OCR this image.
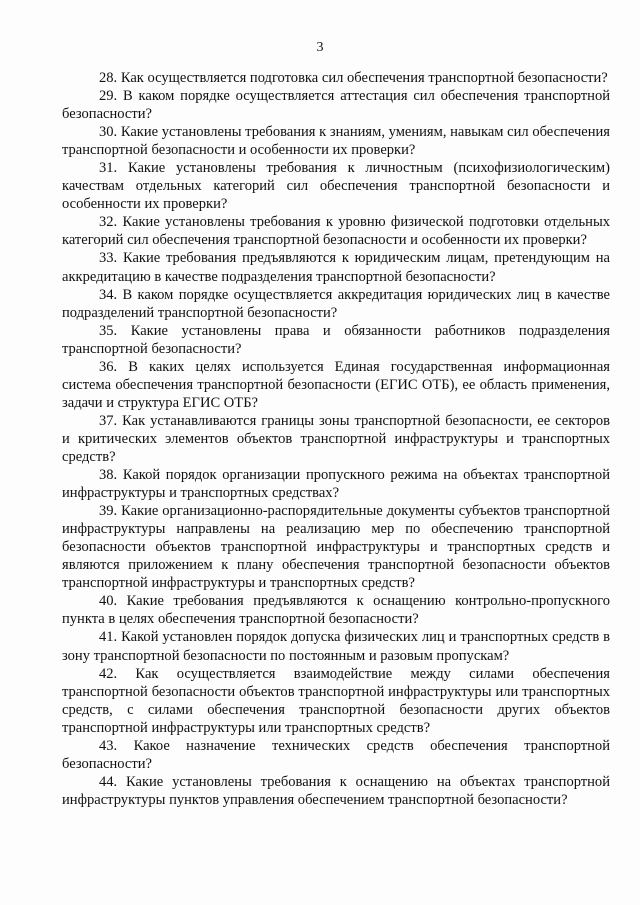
3

28. Как осуществляется подготовка сил обеспечения транспортной безопасности?

29. В каком порядке осуществляется аттестация сил обеспечения транспортной безопасности?

30. Какие установлены требования к знаниям, умениям, навыкам сил обеспечения транспортной безопасности и особенности их проверки?

31. Какие установлены требования к личностным (психофизиологическим) качествам отдельных категорий сил обеспечения транспортной безопасности и особенности их проверки?

32. Какие установлены требования к уровню физической подготовки отдельных категорий сил обеспечения транспортной безопасности и особенности их проверки?

33. Какие требования предъявляются к юридическим лицам, претендующим на аккредитацию в качестве подразделения транспортной безопасности?

34. В каком порядке осуществляется аккредитация юридических лиц в качестве подразделений транспортной безопасности?

35. Какие установлены права и обязанности работников подразделения транспортной безопасности?

36. В каких целях используется Единая государственная информационная система обеспечения транспортной безопасности (ЕГИС ОТБ), ее область применения, задачи и структура ЕГИС ОТБ?

37. Как устанавливаются границы зоны транспортной безопасности, ее секторов и критических элементов объектов транспортной инфраструктуры и транспортных средств?

38. Какой порядок организации пропускного режима на объектах транспортной инфраструктуры и транспортных средствах?

39. Какие организационно-распорядительные документы субъектов транспортной инфраструктуры направлены на реализацию мер по обеспечению транспортной безопасности объектов транспортной инфраструктуры и транспортных средств и являются приложением к плану обеспечения транспортной безопасности объектов транспортной инфраструктуры и транспортных средств?

40. Какие требования предъявляются к оснащению контрольно-пропускного пункта в целях обеспечения транспортной безопасности?

41. Какой установлен порядок допуска физических лиц и транспортных средств в зону транспортной безопасности по постоянным и разовым пропускам?

42. Как осуществляется взаимодействие между силами обеспечения транспортной безопасности объектов транспортной инфраструктуры или транспортных средств, с силами обеспечения транспортной безопасности других объектов транспортной инфраструктуры или транспортных средств?

43. Какое назначение технических средств обеспечения транспортной безопасности?

44. Какие установлены требования к оснащению на объектах транспортной инфраструктуры пунктов управления обеспечением транспортной безопасности?
